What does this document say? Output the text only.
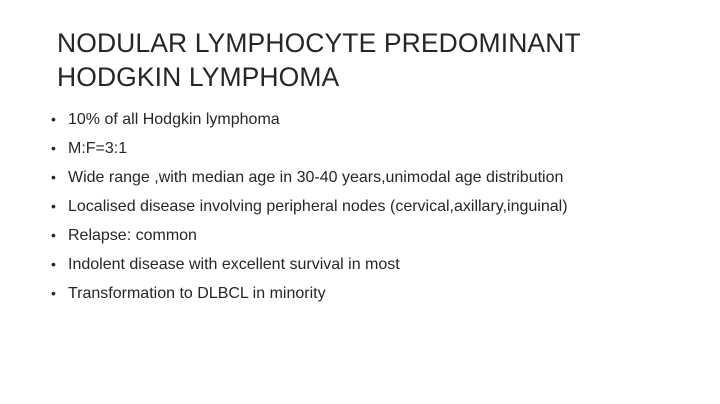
NODULAR LYMPHOCYTE PREDOMINANT
HODGKIN LYMPHOMA
• 10% of all Hodgkin lymphoma
• M:F=3:1
• Wide range ,with median age in 30-40 years,unimodal age distribution
• Localised disease involving peripheral nodes (cervical,axillary,inguinal)
• Relapse: common
• Indolent disease with excellent survival in most
• Transformation to DLBCL in minority
